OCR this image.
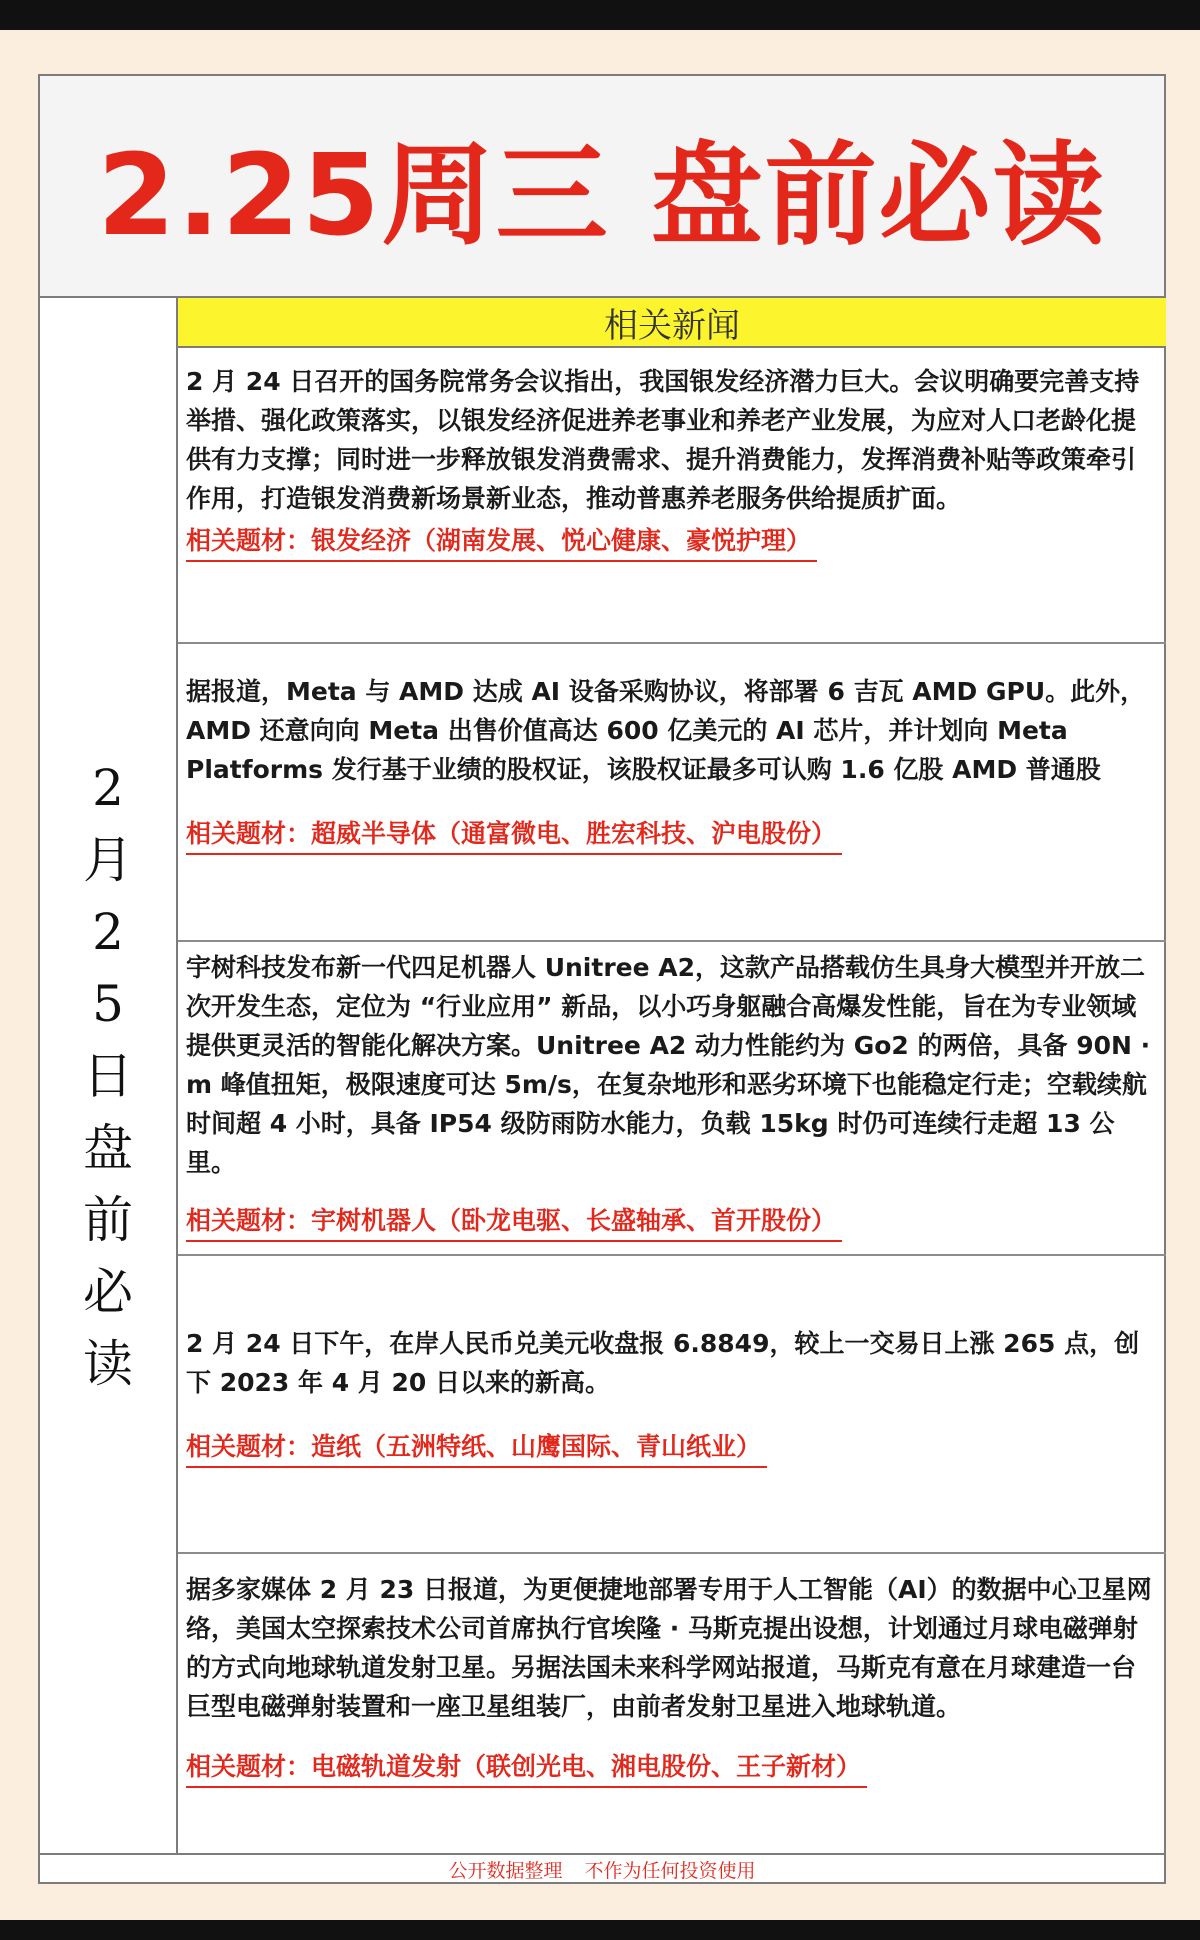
2.25周三 盘前必读
2
月
2
5
日
盘
前
必
读
相关新闻

2 月 24 日召开的国务院常务会议指出，我国银发经济潜力巨大。会议明确要完善支持举措、强化政策落实，以银发经济促进养老事业和养老产业发展，为应对人口老龄化提供有力支撑；同时进一步释放银发消费需求、提升消费能力，发挥消费补贴等政策牵引作用，打造银发消费新场景新业态，推动普惠养老服务供给提质扩面。

相关题材：银发经济（湖南发展、悦心健康、豪悦护理）

据报道，Meta 与 AMD 达成 AI 设备采购协议，将部署 6 吉瓦 AMD GPU。此外，AMD 还意向向 Meta 出售价值高达 600 亿美元的 AI 芯片，并计划向 Meta Platforms 发行基于业绩的股权证，该股权证最多可认购 1.6 亿股 AMD 普通股

相关题材：超威半导体（通富微电、胜宏科技、沪电股份）

宇树科技发布新一代四足机器人 Unitree A2，这款产品搭载仿生具身大模型并开放二次开发生态，定位为 “行业应用” 新品，以小巧身躯融合高爆发性能，旨在为专业领域提供更灵活的智能化解决方案。Unitree A2 动力性能约为 Go2 的两倍，具备 90N · m 峰值扭矩，极限速度可达 5m/s，在复杂地形和恶劣环境下也能稳定行走；空载续航时间超 4 小时，具备 IP54 级防雨防水能力，负载 15kg 时仍可连续行走超 13 公里。

相关题材：宇树机器人（卧龙电驱、长盛轴承、首开股份）

2 月 24 日下午，在岸人民币兑美元收盘报 6.8849，较上一交易日上涨 265 点，创下 2023 年 4 月 20 日以来的新高。

相关题材：造纸（五洲特纸、山鹰国际、青山纸业）

据多家媒体 2 月 23 日报道，为更便捷地部署专用于人工智能（AI）的数据中心卫星网络，美国太空探索技术公司首席执行官埃隆 · 马斯克提出设想，计划通过月球电磁弹射的方式向地球轨道发射卫星。另据法国未来科学网站报道，马斯克有意在月球建造一台巨型电磁弹射装置和一座卫星组装厂，由前者发射卫星进入地球轨道。

相关题材：电磁轨道发射（联创光电、湘电股份、王子新材）
公开数据整理 不作为任何投资使用
